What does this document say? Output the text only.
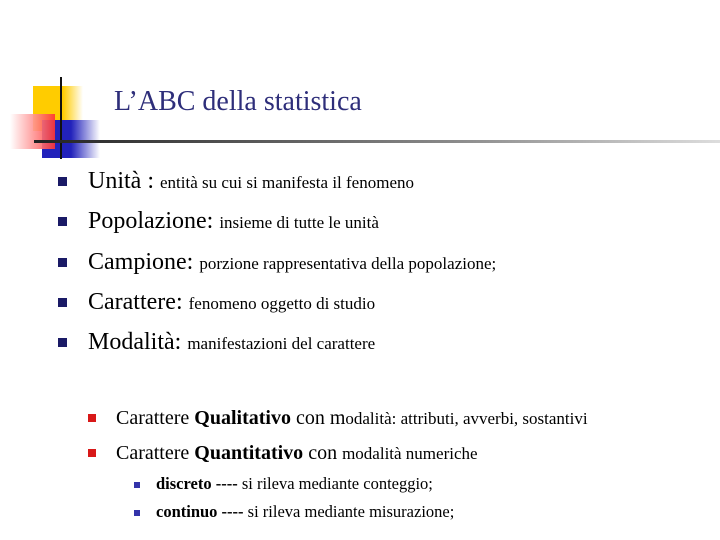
L’ABC della statistica
Unità : entità su cui si manifesta il fenomeno
Popolazione: insieme di tutte le unità
Campione: porzione rappresentativa della popolazione;
Carattere: fenomeno oggetto di studio
Modalità: manifestazioni del carattere
Carattere Qualitativo con modalità: attributi, avverbi, sostantivi
Carattere Quantitativo con modalità numeriche
discreto ---- si rileva mediante conteggio;
continuo ---- si rileva mediante misurazione;
